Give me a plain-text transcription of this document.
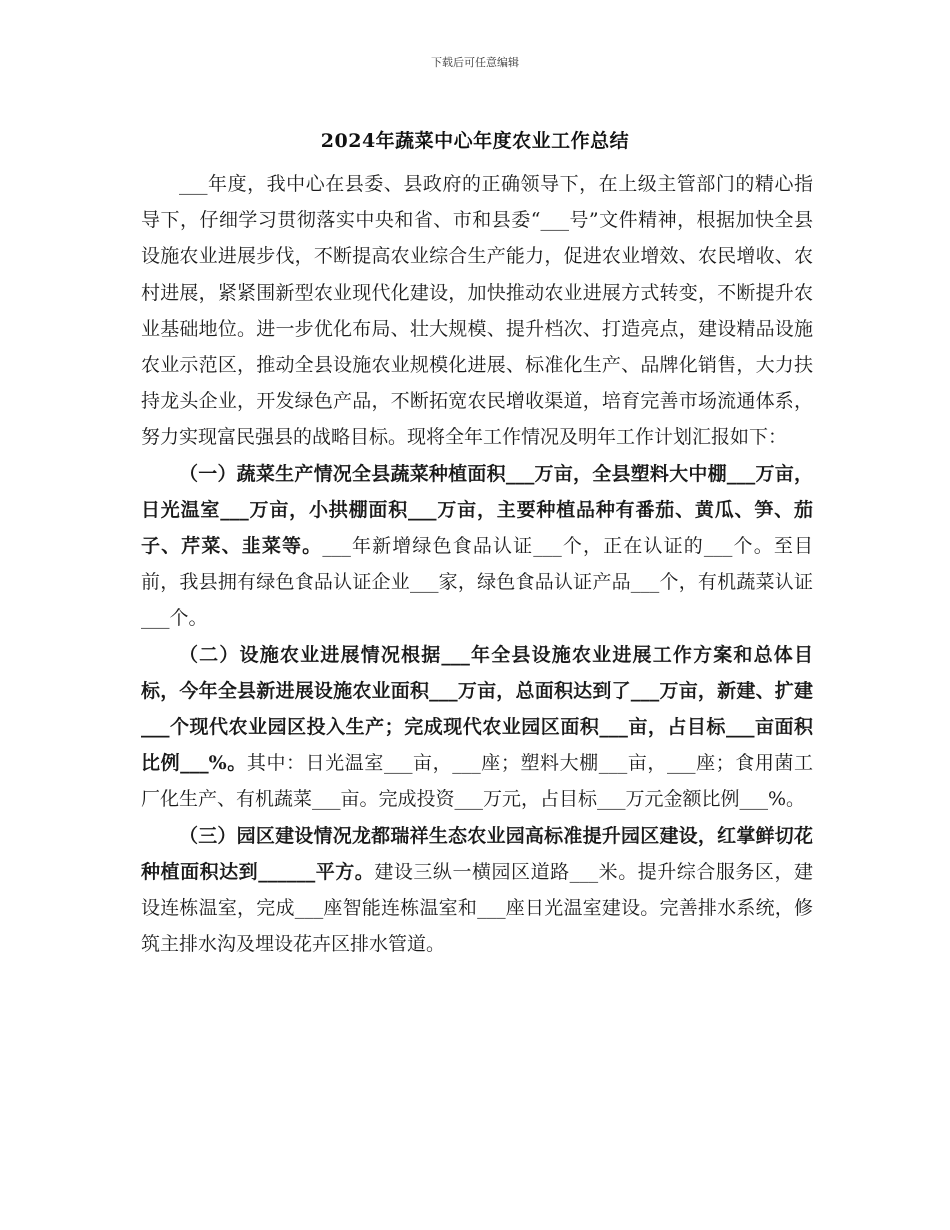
下载后可任意编辑
2024年蔬菜中心年度农业工作总结

___年度，我中心在县委、县政府的正确领导下，在上级主管部门的精心指导下，仔细学习贯彻落实中央和省、市和县委“___号”文件精神，根据加快全县设施农业进展步伐，不断提高农业综合生产能力，促进农业增效、农民增收、农村进展，紧紧围新型农业现代化建设，加快推动农业进展方式转变，不断提升农业基础地位。进一步优化布局、壮大规模、提升档次、打造亮点，建设精品设施农业示范区，推动全县设施农业规模化进展、标准化生产、品牌化销售，大力扶持龙头企业，开发绿色产品，不断拓宽农民增收渠道，培育完善市场流通体系，努力实现富民强县的战略目标。现将全年工作情况及明年工作计划汇报如下：

（一）蔬菜生产情况全县蔬菜种植面积___万亩，全县塑料大中棚___万亩，日光温室___万亩，小拱棚面积___万亩，主要种植品种有番茄、黄瓜、笋、茄子、芹菜、韭菜等。___年新增绿色食品认证___个，正在认证的___个。至目前，我县拥有绿色食品认证企业___家，绿色食品认证产品___个，有机蔬菜认证___个。

（二）设施农业进展情况根据___年全县设施农业进展工作方案和总体目标，今年全县新进展设施农业面积___万亩，总面积达到了___万亩，新建、扩建___个现代农业园区投入生产；完成现代农业园区面积___亩，占目标___亩面积比例___%。其中：日光温室___亩，___座；塑料大棚___亩，___座；食用菌工厂化生产、有机蔬菜___亩。完成投资___万元，占目标___万元金额比例___%。

（三）园区建设情况龙都瑞祥生态农业园高标准提升园区建设，红掌鲜切花种植面积达到______平方。建设三纵一横园区道路___米。提升综合服务区，建设连栋温室，完成___座智能连栋温室和___座日光温室建设。完善排水系统，修筑主排水沟及埋设花卉区排水管道。
